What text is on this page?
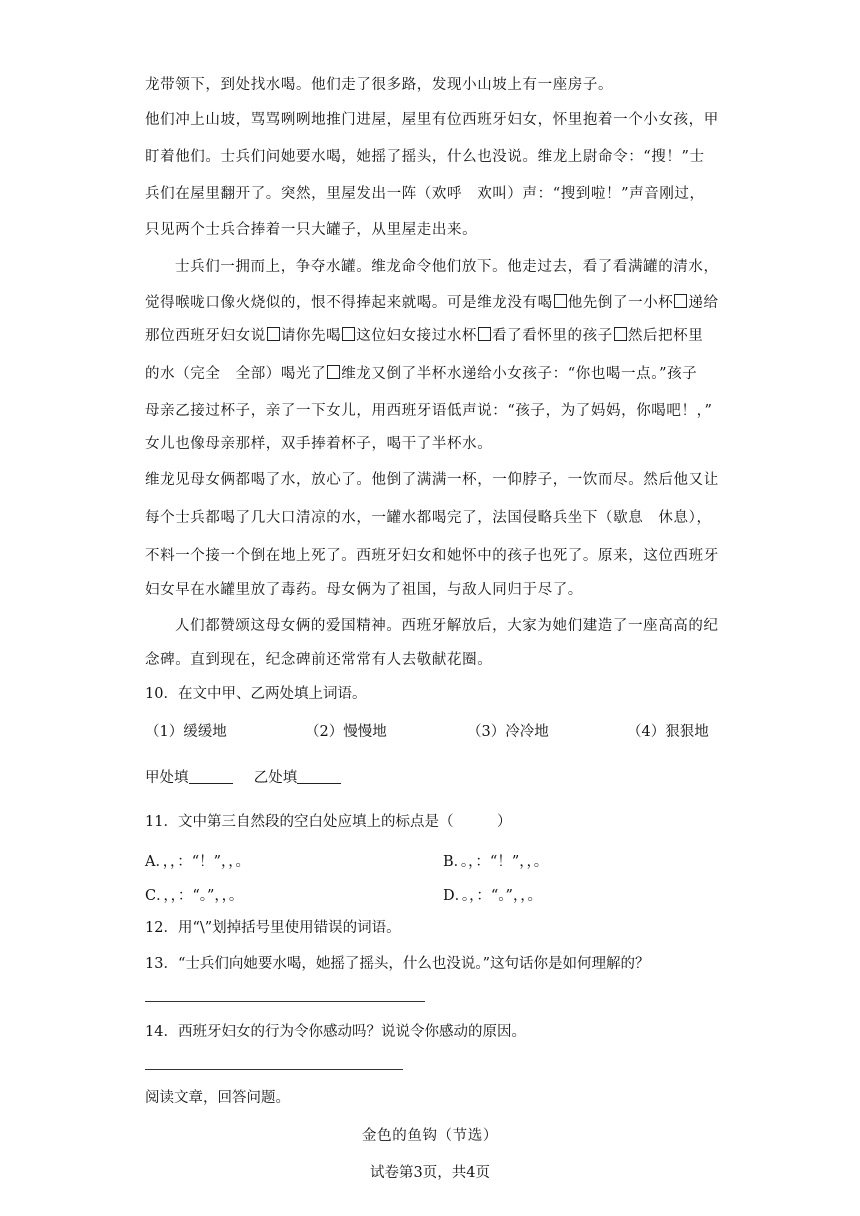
龙带领下，到处找水喝。他们走了很多路，发现小山坡上有一座房子。
他们冲上山坡，骂骂咧咧地推门进屋，屋里有位西班牙妇女，怀里抱着一个小女孩，甲
盯着他们。士兵们问她要水喝，她摇了摇头，什么也没说。维龙上尉命令：“搜！”士
兵们在屋里翻开了。突然，里屋发出一阵（欢呼　欢叫）声：“搜到啦！”声音刚过，
只见两个士兵合捧着一只大罐子，从里屋走出来。
士兵们一拥而上，争夺水罐。维龙命令他们放下。他走过去，看了看满罐的清水，
觉得喉咙口像火烧似的，恨不得捧起来就喝。可是维龙没有喝 他先倒了一小杯 递给
那位西班牙妇女说 请你先喝 这位妇女接过水杯 看了看怀里的孩子 然后把杯里
的水（完全　全部）喝光了 维龙又倒了半杯水递给小女孩子：“你也喝一点。”孩子
母亲乙接过杯子，亲了一下女儿，用西班牙语低声说：“孩子，为了妈妈，你喝吧！，”
女儿也像母亲那样，双手捧着杯子，喝干了半杯水。
维龙见母女俩都喝了水，放心了。他倒了满满一杯，一仰脖子，一饮而尽。然后他又让
每个士兵都喝了几大口清凉的水，一罐水都喝完了，法国侵略兵坐下（歇息　休息），
不料一个接一个倒在地上死了。西班牙妇女和她怀中的孩子也死了。原来，这位西班牙
妇女早在水罐里放了毒药。母女俩为了祖国，与敌人同归于尽了。
人们都赞颂这母女俩的爱国精神。西班牙解放后，大家为她们建造了一座高高的纪
念碑。直到现在，纪念碑前还常常有人去敬献花圈。
10．在文中甲、乙两处填上词语。
（1）缓缓地	（2）慢慢地	（3）冷冷地	（4）狠狠地
甲处填	乙处填
11．文中第三自然段的空白处应填上的标点是（　　　）
A．，，：“！”，，。	B．。，：“！”，，。
C．，，：“。”，，。	D．。，：“。”，，。
12．用“\”划掉括号里使用错误的词语。
13．“士兵们向她要水喝，她摇了摇头，什么也没说。”这句话你是如何理解的？
14．西班牙妇女的行为令你感动吗？说说令你感动的原因。
阅读文章，回答问题。
金色的鱼钩（节选）
试卷第3页，共4页
